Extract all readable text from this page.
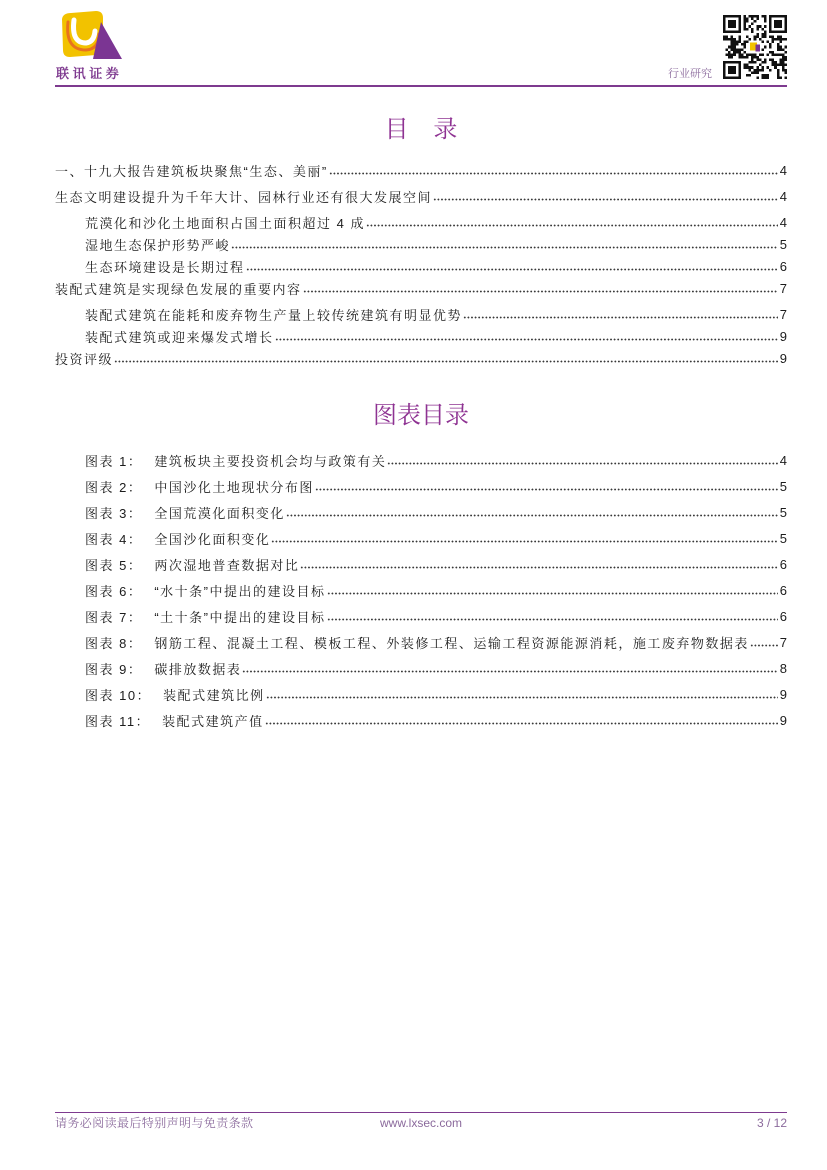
联讯证券	行业研究
目 录
一、十九大报告建筑板块聚焦“生态、美丽”	4
生态文明建设提升为千年大计、园林行业还有很大发展空间	4
荒漠化和沙化土地面积占国土面积超过 4 成	4
湿地生态保护形势严峻	5
生态环境建设是长期过程	6
装配式建筑是实现绿色发展的重要内容	7
装配式建筑在能耗和废弃物生产量上较传统建筑有明显优势	7
装配式建筑或迎来爆发式增长	9
投资评级	9
图表目录
图表 1： 建筑板块主要投资机会均与政策有关	4
图表 2： 中国沙化土地现状分布图	5
图表 3： 全国荒漠化面积变化	5
图表 4： 全国沙化面积变化	5
图表 5： 两次湿地普查数据对比	6
图表 6： “水十条”中提出的建设目标	6
图表 7： “土十条”中提出的建设目标	6
图表 8： 钢筋工程、混凝土工程、模板工程、外装修工程、运输工程资源能源消耗，施工废弃物数据表 7
图表 9： 碳排放数据表	8
图表 10： 装配式建筑比例	9
图表 11： 装配式建筑产值	9
请务必阅读最后特别声明与免责条款	www.lxsec.com	3 / 12
